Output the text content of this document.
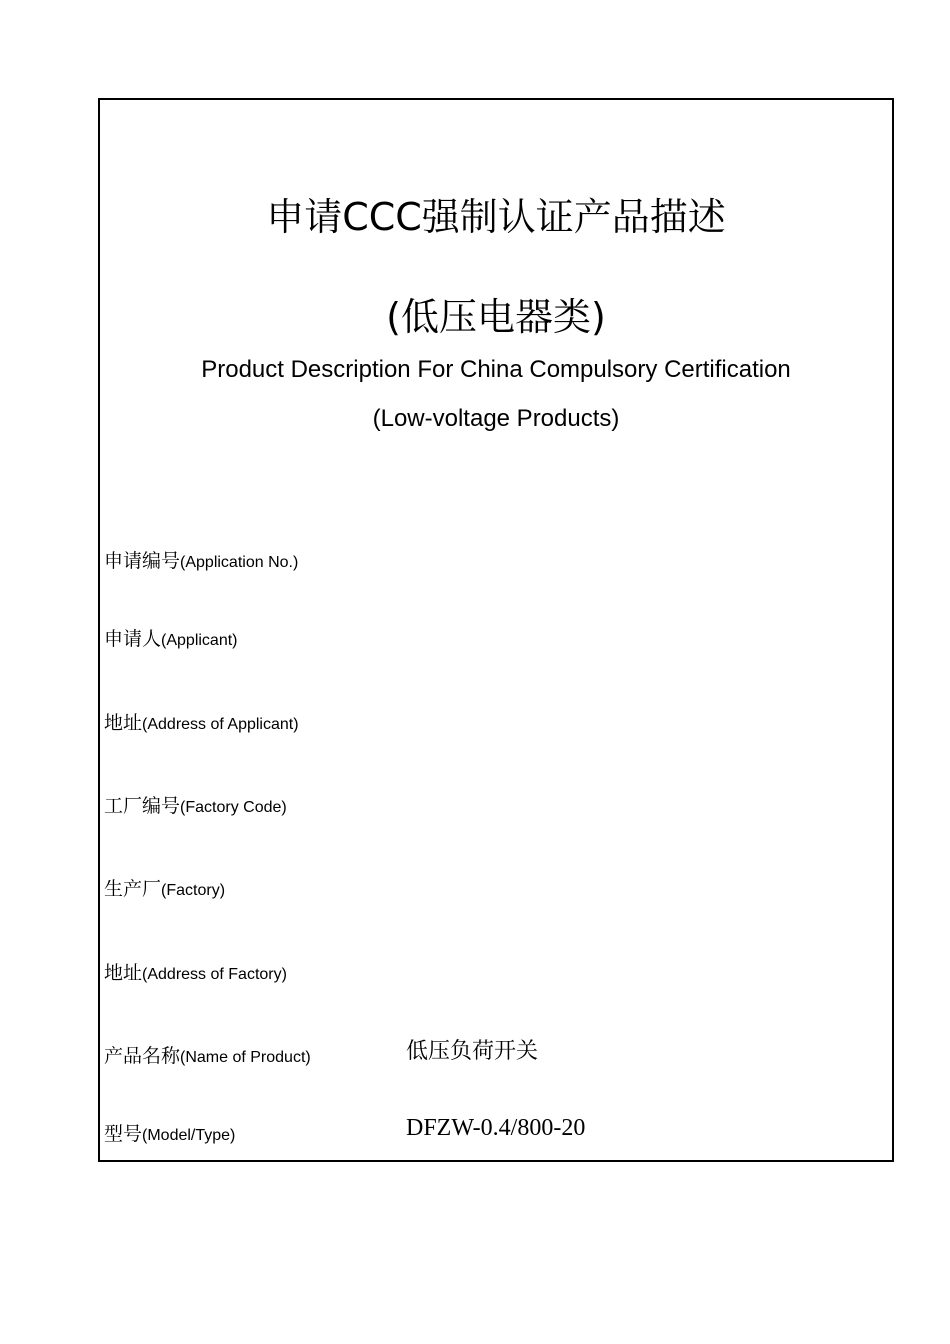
申请CCC强制认证产品描述
(低压电器类)
Product Description For China Compulsory Certification
(Low-voltage Products)
申请编号(Application No.)
申请人(Applicant)
地址(Address of Applicant)
工厂编号(Factory Code)
生产厂(Factory)
地址(Address of Factory)
产品名称(Name of Product)	低压负荷开关
型号(Model/Type)	DFZW-0.4/800-20
